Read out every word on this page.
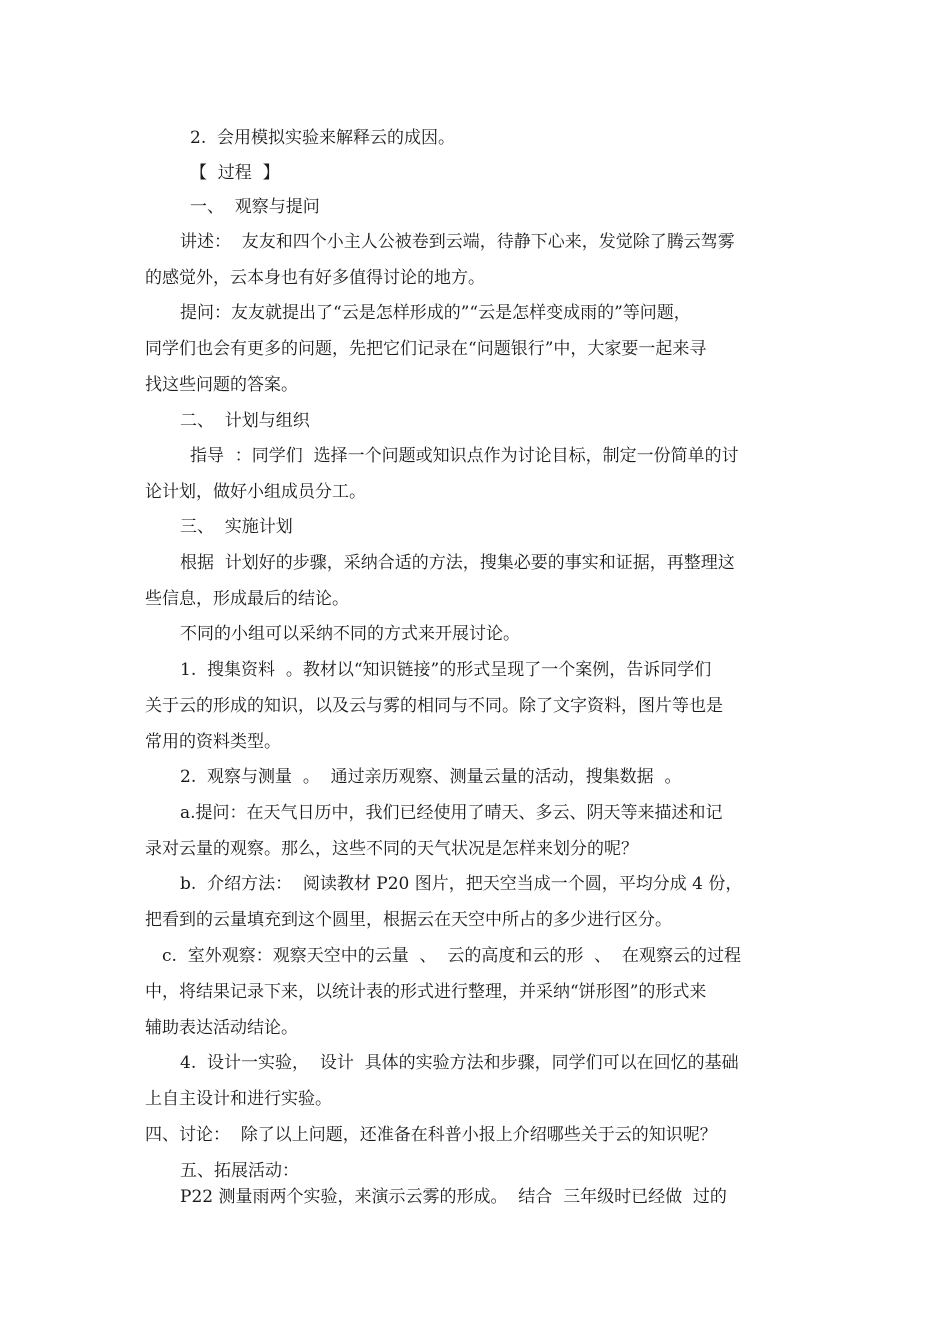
2.  会用模拟实验来解释云的成因。
【  过程  】
一、  观察与提问
讲述：  友友和四个小主人公被卷到云端，待静下心来，发觉除了腾云驾雾
的感觉外，云本身也有好多值得讨论的地方。
提问：友友就提出了“云是怎样形成的”“云是怎样变成雨的”等问题，
同学们也会有更多的问题，先把它们记录在“问题银行”中，大家要一起来寻
找这些问题的答案。
二、  计划与组织
指导  ：同学们  选择一个问题或知识点作为讨论目标，制定一份简单的讨
论计划，做好小组成员分工。
三、  实施计划
根据  计划好的步骤，采纳合适的方法，搜集必要的事实和证据，再整理这
些信息，形成最后的结论。
不同的小组可以采纳不同的方式来开展讨论。
1.  搜集资料  。教材以“知识链接”的形式呈现了一个案例，告诉同学们
关于云的形成的知识，以及云与雾的相同与不同。除了文字资料，图片等也是
常用的资料类型。
2.  观察与测量  。  通过亲历观察、测量云量的活动，搜集数据  。
a.提问：在天气日历中，我们已经使用了晴天、多云、阴天等来描述和记
录对云量的观察。那么，这些不同的天气状况是怎样来划分的呢？
b.  介绍方法：  阅读教材 P20 图片，把天空当成一个圆，平均分成 4 份，
把看到的云量填充到这个圆里，根据云在天空中所占的多少进行区分。
c.  室外观察：观察天空中的云量  、  云的高度和云的形  、  在观察云的过程
中，将结果记录下来，以统计表的形式进行整理，并采纳“饼形图”的形式来
辅助表达活动结论。
4.  设计一实验，  设计  具体的实验方法和步骤，同学们可以在回忆的基础
上自主设计和进行实验。
四、讨论：  除了以上问题，还准备在科普小报上介绍哪些关于云的知识呢？
五、拓展活动：
P22 测量雨两个实验，来演示云雾的形成。  结合  三年级时已经做  过的
